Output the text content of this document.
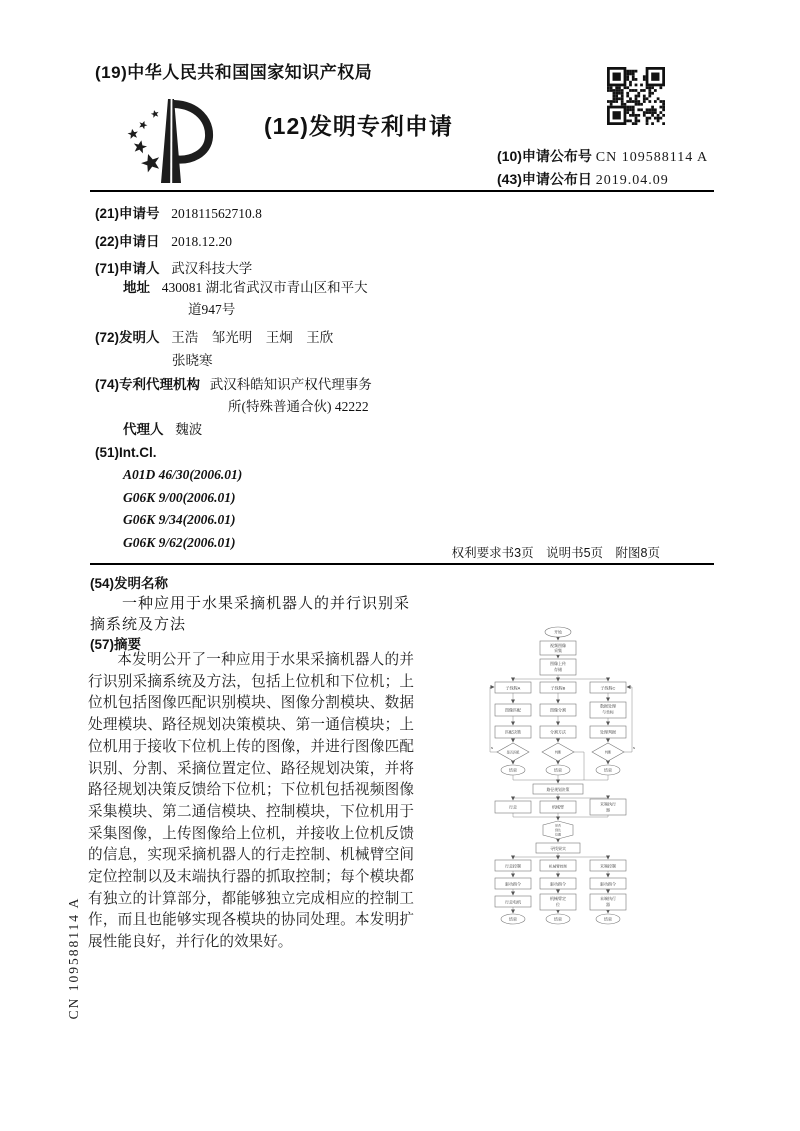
(19)中华人民共和国国家知识产权局
(12)发明专利申请
(10)申请公布号 CN 109588114 A
(43)申请公布日 2019.04.09
(21)申请号 201811562710.8
(22)申请日 2018.12.20
(71)申请人 武汉科技大学
地址 430081 湖北省武汉市青山区和平大
道947号
(72)发明人 王浩　邹光明　王炯　王欣
张晓寒
(74)专利代理机构 武汉科皓知识产权代理事务
所(特殊普通合伙) 42222
代理人 魏波
(51)Int.Cl.
A01D 46/30(2006.01)
G06K 9/00(2006.01)
G06K 9/34(2006.01)
G06K 9/62(2006.01)
权利要求书3页　说明书5页　附图8页
(54)发明名称
一种应用于水果采摘机器人的并行识别采
摘系统及方法
(57)摘要
本发明公开了一种应用于水果采摘机器人的并行识别采摘系统及方法，包括上位机和下位机；上位机包括图像匹配识别模块、图像分割模块、数据处理模块、路径规划决策模块、第一通信模块；上位机用于接收下位机上传的图像，并进行图像匹配识别、分割、采摘位置定位、路径规划决策，并将路径规划决策反馈给下位机；下位机包括视频图像采集模块、第二通信模块、控制模块，下位机用于采集图像，上传图像给上位机，并接收上位机反馈的信息，实现采摘机器人的行走控制、机械臂空间定位控制以及末端执行器的抓取控制；每个模块都有独立的计算部分，都能够独立完成相应的控制工作，而且也能够实现各模块的协同处理。本发明扩展性能良好，并行化的效果好。
开始
视频图像
采集
图像上传
存储
子线程A	子线程B	子线程C
图像匹配	图像分割
数据处理
与坐标
匹配决策	分割方法	处理判据
是否匹配	判断	判断
结束	结束	结束
路径规划决策
行走	机械臂
末端执行
器
是否
到达
位置
寻找果实
行走控制	机械臂控制	末端控制
驱动指令	驱动指令	驱动指令
行走电机
机械臂定
位
末端执行
器
结束	结束	结束
N	N
CN 109588114 A
